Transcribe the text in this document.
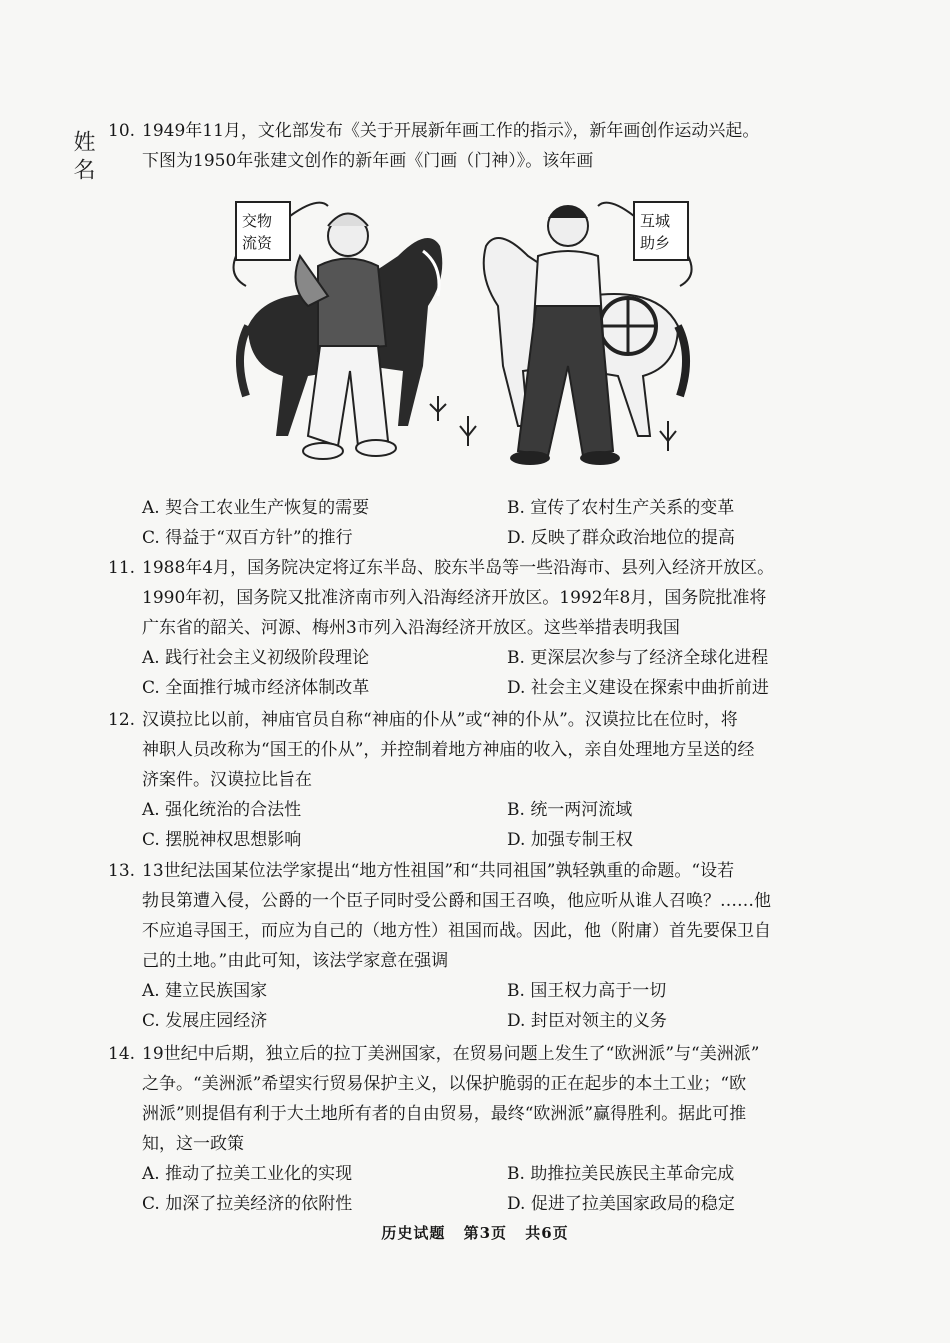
姓名 10. 1949年11月，文化部发布《关于开展新年画工作的指示》，新年画创作运动兴起。

下图为1950年张建文创作的新年画《门画（门神）》。该年画

交物
流资
互城
助乡
A. 契合工农业生产恢复的需要	B. 宣传了农村生产关系的变革
C. 得益于“双百方针”的推行	D. 反映了群众政治地位的提高

11. 1988年4月，国务院决定将辽东半岛、胶东半岛等一些沿海市、县列入经济开放区。

1990年初，国务院又批准济南市列入沿海经济开放区。1992年8月，国务院批准将

广东省的韶关、河源、梅州3市列入沿海经济开放区。这些举措表明我国

A. 践行社会主义初级阶段理论	B. 更深层次参与了经济全球化进程
C. 全面推行城市经济体制改革	D. 社会主义建设在探索中曲折前进

12. 汉谟拉比以前，神庙官员自称“神庙的仆从”或“神的仆从”。汉谟拉比在位时，将

神职人员改称为“国王的仆从”，并控制着地方神庙的收入，亲自处理地方呈送的经

济案件。汉谟拉比旨在

A. 强化统治的合法性	B. 统一两河流域
C. 摆脱神权思想影响	D. 加强专制王权

13. 13世纪法国某位法学家提出“地方性祖国”和“共同祖国”孰轻孰重的命题。“设若

勃艮第遭入侵，公爵的一个臣子同时受公爵和国王召唤，他应听从谁人召唤？……他

不应追寻国王，而应为自己的（地方性）祖国而战。因此，他（附庸）首先要保卫自

己的土地。”由此可知，该法学家意在强调

A. 建立民族国家	B. 国王权力高于一切
C. 发展庄园经济	D. 封臣对领主的义务

14. 19世纪中后期，独立后的拉丁美洲国家，在贸易问题上发生了“欧洲派”与“美洲派”

之争。“美洲派”希望实行贸易保护主义，以保护脆弱的正在起步的本土工业；“欧

洲派”则提倡有利于大土地所有者的自由贸易，最终“欧洲派”赢得胜利。据此可推

知，这一政策

A. 推动了拉美工业化的实现	B. 助推拉美民族民主革命完成
C. 加深了拉美经济的依附性	D. 促进了拉美国家政局的稳定
历史试题 第3页 共6页
